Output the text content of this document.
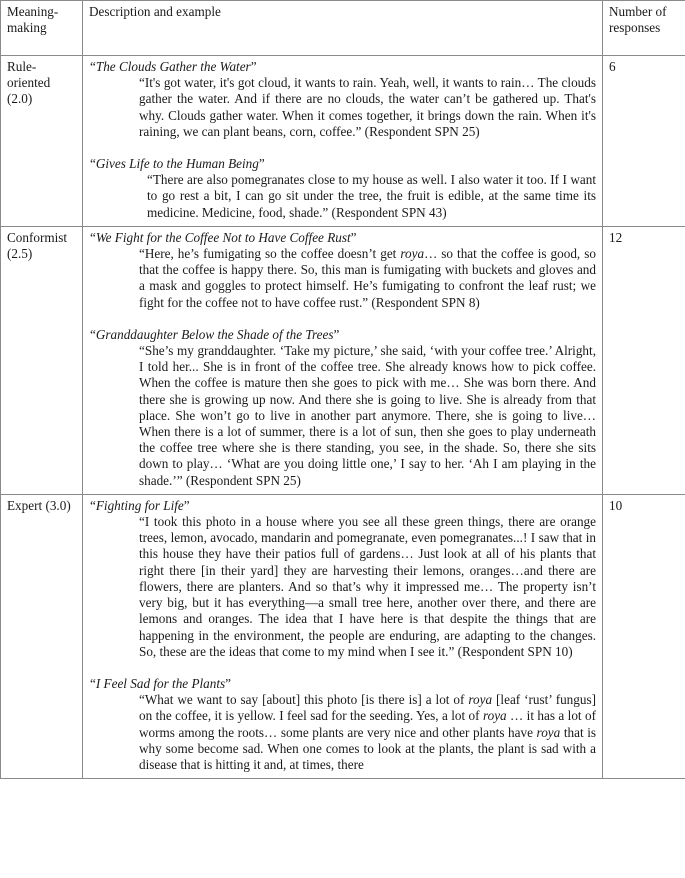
Meaning-making	Description and example	Number of responses
Rule-oriented (2.0)	“The Clouds Gather the Water”

“It's got water, it's got cloud, it wants to rain. Yeah, well, it wants to rain… The clouds gather the water. And if there are no clouds, the water can’t be gathered up. That's why. Clouds gather water. When it comes together, it brings down the rain. When it's raining, we can plant beans, corn, coffee.” (Respondent SPN 25)

“Gives Life to the Human Being”

“There are also pomegranates close to my house as well. I also water it too. If I want to go rest a bit, I can go sit under the tree, the fruit is edible, at the same time its medicine. Medicine, food, shade.” (Respondent SPN 43)	6
Conformist (2.5)	“We Fight for the Coffee Not to Have Coffee Rust”

“Here, he’s fumigating so the coffee doesn’t get roya… so that the coffee is good, so that the coffee is happy there. So, this man is fumigating with buckets and gloves and a mask and goggles to protect himself. He’s fumigating to confront the leaf rust; we fight for the coffee not to have coffee rust.” (Respondent SPN 8)

“Granddaughter Below the Shade of the Trees”

“She’s my granddaughter. ‘Take my picture,’ she said, ‘with your coffee tree.’ Alright, I told her... She is in front of the coffee tree. She already knows how to pick coffee. When the coffee is mature then she goes to pick with me… She was born there. And there she is growing up now. And there she is going to live. She is already from that place. She won’t go to live in another part anymore. There, she is going to live… When there is a lot of summer, there is a lot of sun, then she goes to play underneath the coffee tree where she is there standing, you see, in the shade. So, there she sits down to play… ‘What are you doing little one,’ I say to her. ‘Ah I am playing in the shade.’” (Respondent SPN 25)	12
Expert (3.0)	“Fighting for Life”

“I took this photo in a house where you see all these green things, there are orange trees, lemon, avocado, mandarin and pomegranate, even pomegranates...! I saw that in this house they have their patios full of gardens… Just look at all of his plants that right there [in their yard] they are harvesting their lemons, oranges…and there are flowers, there are planters. And so that’s why it impressed me… The property isn’t very big, but it has everything—a small tree here, another over there, and there are lemons and oranges. The idea that I have here is that despite the things that are happening in the environment, the people are enduring, are adapting to the changes. So, these are the ideas that come to my mind when I see it.” (Respondent SPN 10)

“I Feel Sad for the Plants”

“What we want to say [about] this photo [is there is] a lot of roya [leaf ‘rust’ fungus] on the coffee, it is yellow. I feel sad for the seeding. Yes, a lot of roya … it has a lot of worms among the roots… some plants are very nice and other plants have roya that is why some become sad. When one comes to look at the plants, the plant is sad with a disease that is hitting it and, at times, there	10
